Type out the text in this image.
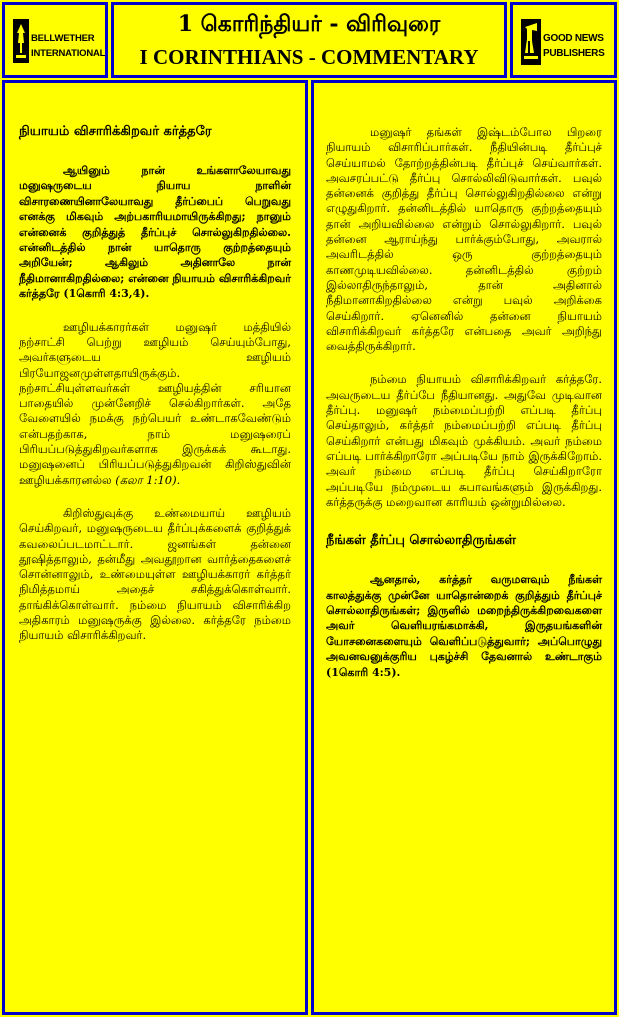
BELLWETHER
INTERNATIONAL
1 கொரிந்தியர் - விரிவுரை
I CORINTHIANS - COMMENTARY
GOOD NEWS
PUBLISHERS
நியாயம் விசாரிக்கிறவர் கர்த்தரே

ஆயினும் நான் உங்களாலேயாவது மனுஷருடைய நியாய நாளின் விசாரணையினாலேயாவது தீர்ப்பைப் பெறுவது எனக்கு மிகவும் அற்பகாரியமாயிருக்கிறது; நானும் என்னைக் குறித்துத் தீர்ப்புச் சொல்லுகிறதில்லை. என்னிடத்தில் நான் யாதொரு குற்றத்தையும் அறியேன்; ஆகிலும் அதினாலே நான் நீதிமானாகிறதில்லை; என்னை நியாயம் விசாரிக்கிறவர் கர்த்தரே (1கொரி 4:3,4).

ஊழியக்காரர்கள் மனுஷர் மத்தியில் நற்சாட்சி பெற்று ஊழியம் செய்யும்போது, அவர்களுடைய ஊழியம் பிரயோஜனமுள்ளதாயிருக்கும். நற்சாட்சியுள்ளவர்கள் ஊழியத்தின் சரியான பாதையில் முன்னேறிச் செல்கிறார்கள். அதே வேளையில் நமக்கு நற்பெயர் உண்டாகவேண்டும் என்பதற்காக, நாம் மனுஷரைப் பிரியப்படுத்துகிறவர்களாக இருக்கக் கூடாது. மனுஷனைப் பிரியப்படுத்துகிறவன் கிறிஸ்துவின் ஊழியக்காரனல்ல (கலா 1:10).

கிறிஸ்துவுக்கு உண்மையாய் ஊழியம் செய்கிறவர், மனுஷருடைய தீர்ப்புக்களைக் குறித்துக் கவலைப்படமாட்டார். ஜனங்கள் தன்னை தூஷித்தாலும், தன்மீது அவதூறான வார்த்தைகளைச் சொன்னாலும், உண்மையுள்ள ஊழியக்காரர் கர்த்தர் நிமித்தமாய் அதைச் சகித்துக்கொள்வார். தாங்கிக்கொள்வார். நம்மை நியாயம் விசாரிக்கிற அதிகாரம் மனுஷருக்கு இல்லை. கர்த்தரே நம்மை நியாயம் விசாரிக்கிறவர்.

மனுஷர் தங்கள் இஷ்டம்போல பிறரை நியாயம் விசாரிப்பார்கள். நீதியின்படி தீர்ப்புச் செய்யாமல் தோற்றத்தின்படி தீர்ப்புச் செய்வார்கள். அவசரப்பட்டு தீர்ப்பு சொல்லிவிடுவார்கள். பவுல் தன்னைக் குறித்து தீர்ப்பு சொல்லுகிறதில்லை என்று எழுதுகிறார். தன்னிடத்தில் யாதொரு குற்றத்தையும் தான் அறியவில்லை என்றும் சொல்லுகிறார். பவுல் தன்னை ஆராய்ந்து பார்க்கும்போது, அவரால் அவரிடத்தில் ஒரு குற்றத்தையும் காணமுடியவில்லை. தன்னிடத்தில் குற்றம் இல்லாதிருந்தாலும், தான் அதினால் நீதிமானாகிறதில்லை என்று பவுல் அறிக்கை செய்கிறார். ஏனெனில் தன்னை நியாயம் விசாரிக்கிறவர் கர்த்தரே என்பதை அவர் அறிந்து வைத்திருக்கிறார்.

நம்மை நியாயம் விசாரிக்கிறவர் கர்த்தரே. அவருடைய தீர்ப்பே நீதியானது. அதுவே முடிவான தீர்ப்பு. மனுஷர் நம்மைப்பற்றி எப்படி தீர்ப்பு செய்தாலும், கர்த்தர் நம்மைப்பற்றி எப்படி தீர்ப்பு செய்கிறார் என்பது மிகவும் முக்கியம். அவர் நம்மை எப்படி பார்க்கிறாரோ அப்படியே நாம் இருக்கிறோம். அவர் நம்மை எப்படி தீர்ப்பு செய்கிறாரோ அப்படியே நம்முடைய சுபாவங்களும் இருக்கிறது. கர்த்தருக்கு மறைவான காரியம் ஒன்றுமில்லை.

நீங்கள் தீர்ப்பு சொல்லாதிருங்கள்

ஆனதால், கர்த்தர் வருமளவும் நீங்கள் காலத்துக்கு முன்னே யாதொன்றைக் குறித்தும் தீர்ப்புச் சொல்லாதிருங்கள்; இருளில் மறைந்திருக்கிறவைகளை அவர் வெளியரங்கமாக்கி, இருதயங்களின் யோசனைகளையும் வெளிப்படுத்துவார்; அப்பொழுது அவனவனுக்குரிய புகழ்ச்சி தேவனால் உண்டாகும் (1கொரி 4:5).
